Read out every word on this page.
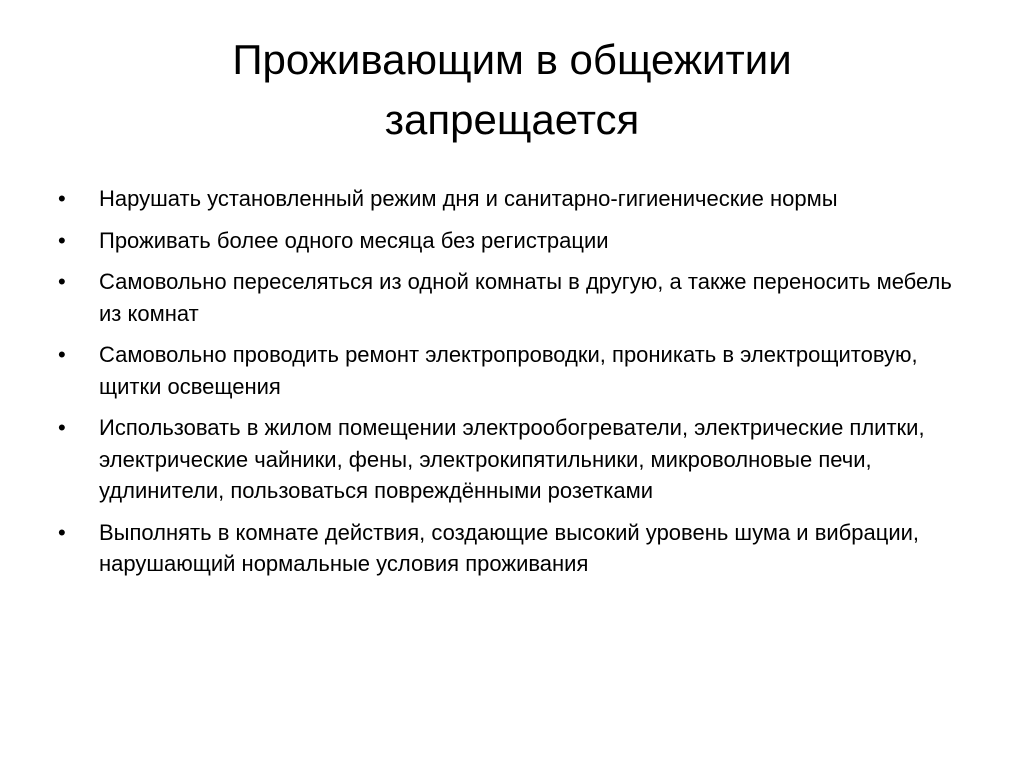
Проживающим в общежитии
запрещается
• Нарушать установленный режим дня и санитарно-гигиенические нормы
• Проживать более одного месяца без регистрации
• Самовольно переселяться из одной комнаты в другую, а также переносить мебель из комнат
• Самовольно проводить ремонт электропроводки, проникать в электрощитовую, щитки освещения
• Использовать в жилом помещении электрообогреватели, электрические плитки, электрические чайники, фены, электрокипятильники, микроволновые печи, удлинители, пользоваться повреждёнными розетками
• Выполнять в комнате действия, создающие высокий уровень шума и вибрации, нарушающий нормальные условия проживания
